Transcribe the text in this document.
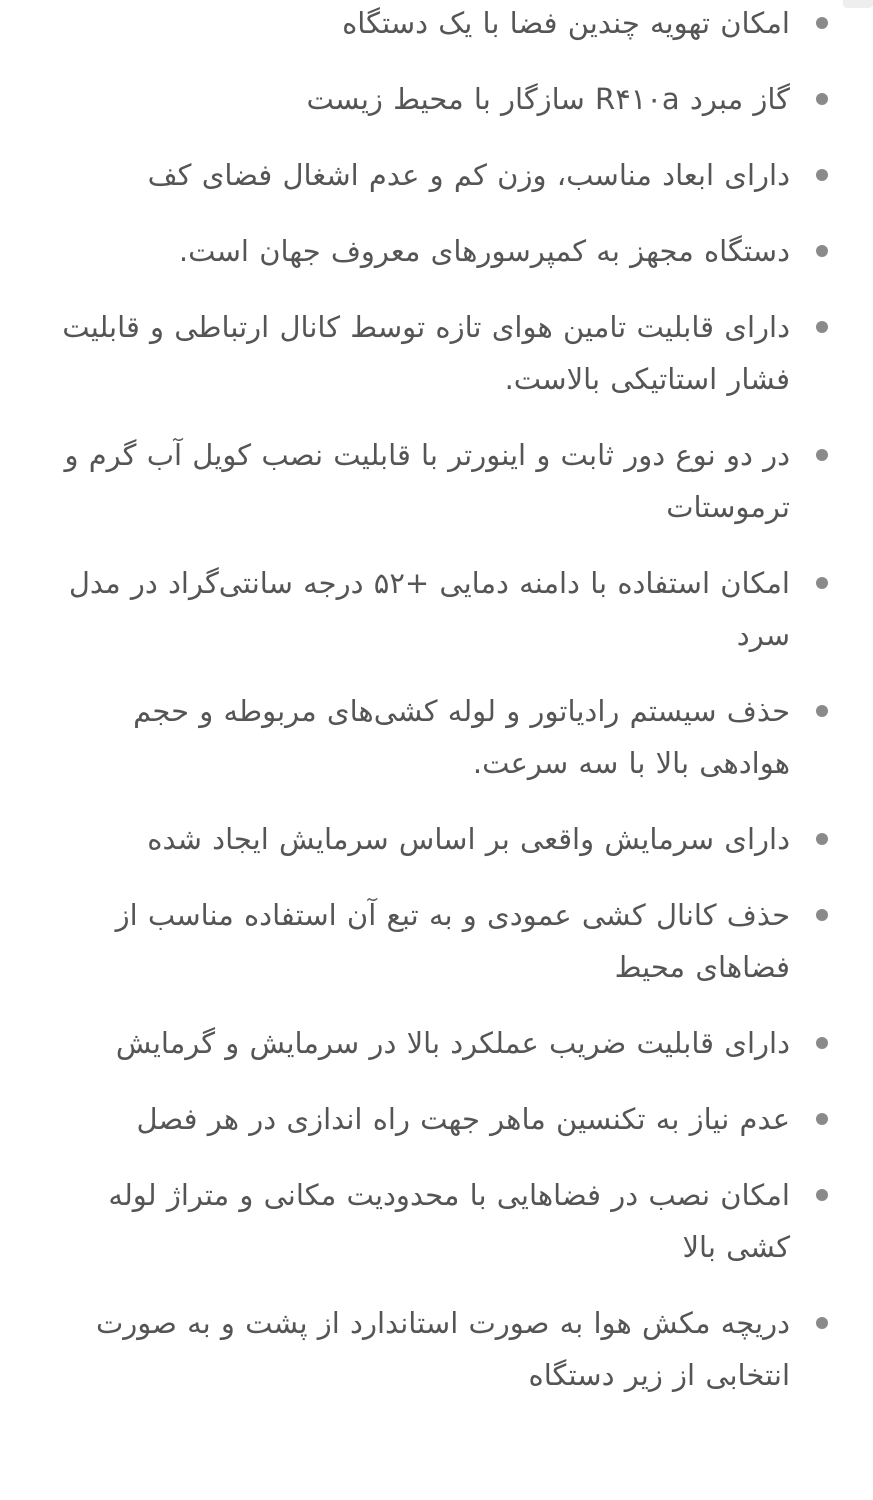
امکان تهویه چندین فضا با یک دستگاه
گاز مبرد R۴۱۰a سازگار با محیط زیست
دارای ابعاد مناسب، وزن کم و عدم اشغال فضای کف
دستگاه مجهز به کمپرسورهای معروف جهان است.
دارای قابلیت تامین هوای تازه توسط کانال ارتباطی و قابلیت فشار استاتیکی بالاست.
در دو نوع دور ثابت و اینورتر با قابلیت نصب کویل آب گرم و ترموستات
امکان استفاده با دامنه دمایی +۵۲ درجه سانتی‌گراد در مدل سرد
حذف سیستم رادیاتور و لوله کشی‌های مربوطه و حجم هوادهی بالا با سه سرعت.
دارای سرمایش واقعی بر اساس سرمایش ایجاد شده
حذف کانال کشی عمودی و به تبع آن استفاده مناسب از فضاهای محیط
دارای قابلیت ضریب عملکرد بالا در سرمایش و گرمایش
عدم نیاز به تکنسین ماهر جهت راه اندازی در هر فصل
امکان نصب در فضاهایی با محدودیت مکانی و متراژ لوله کشی بالا
دریچه مکش هوا به صورت استاندارد از پشت و به صورت انتخابی از زیر دستگاه
